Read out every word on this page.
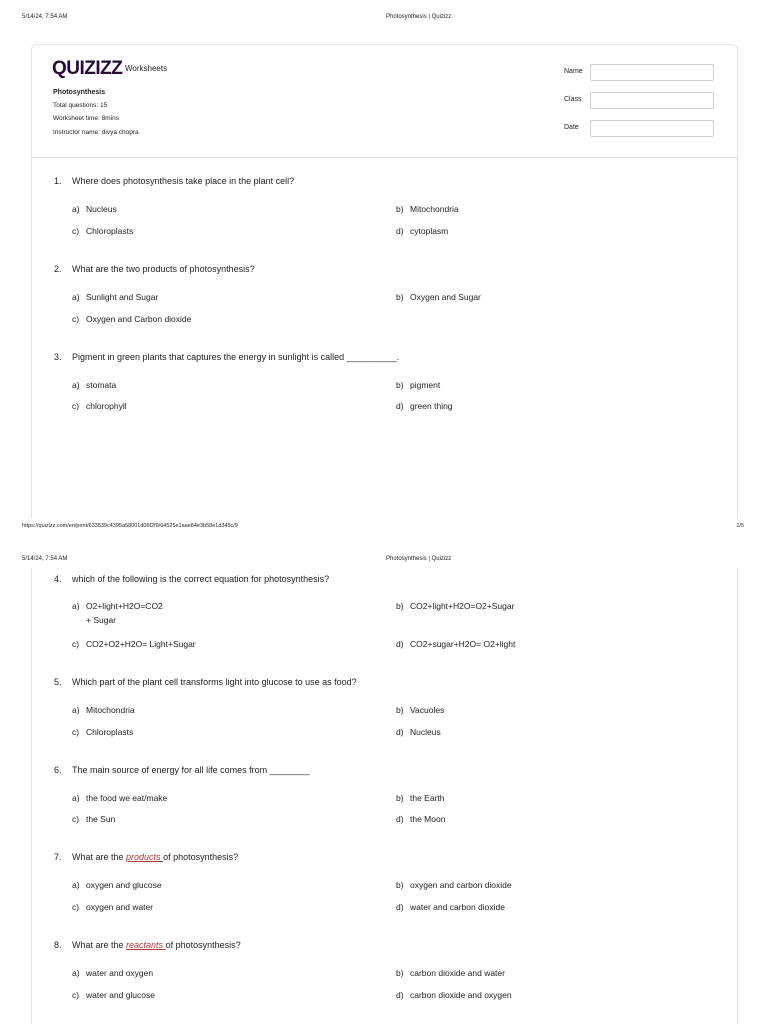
5/14/24, 7:54 AM	Photosynthesis | Quizizz
QUIZIZZ Worksheets
Photosynthesis
Total questions: 15
Worksheet time: 8mins
Instructor name: divya chopra
Name
Class
Date
1. Where does photosynthesis take place in the plant cell?
a) Nucleus	b) Mitochondria
c) Chloroplasts	d) cytoplasm
2. What are the two products of photosynthesis?
a) Sunlight and Sugar	b) Oxygen and Sugar
c) Oxygen and Carbon dioxide
3. Pigment in green plants that captures the energy in sunlight is called __________.
a) stomata	b) pigment
c) chlorophyll	d) green thing
https://quizizz.com/en/print/633539c4395a58001d06f2f9/64525e1aae84e3b58e1d345c/9	1/5
5/14/24, 7:54 AM	Photosynthesis | Quizizz
4. which of the following is the correct equation for photosynthesis?
a) O2+light+H2O=CO2
+ Sugar
b) CO2+light+H2O=O2+Sugar
c) CO2+O2+H2O= Light+Sugar	d) CO2+sugar+H2O= O2+light
5. Which part of the plant cell transforms light into glucose to use as food?
a) Mitochondria	b) Vacuoles
c) Chloroplasts	d) Nucleus
6. The main source of energy for all life comes from ________
a) the food we eat/make	b) the Earth
c) the Sun	d) the Moon
7. What are the products of photosynthesis?
a) oxygen and glucose	b) oxygen and carbon dioxide
c) oxygen and water	d) water and carbon dioxide
8. What are the reactants of photosynthesis?
a) water and oxygen	b) carbon dioxide and water
c) water and glucose	d) carbon dioxide and oxygen
